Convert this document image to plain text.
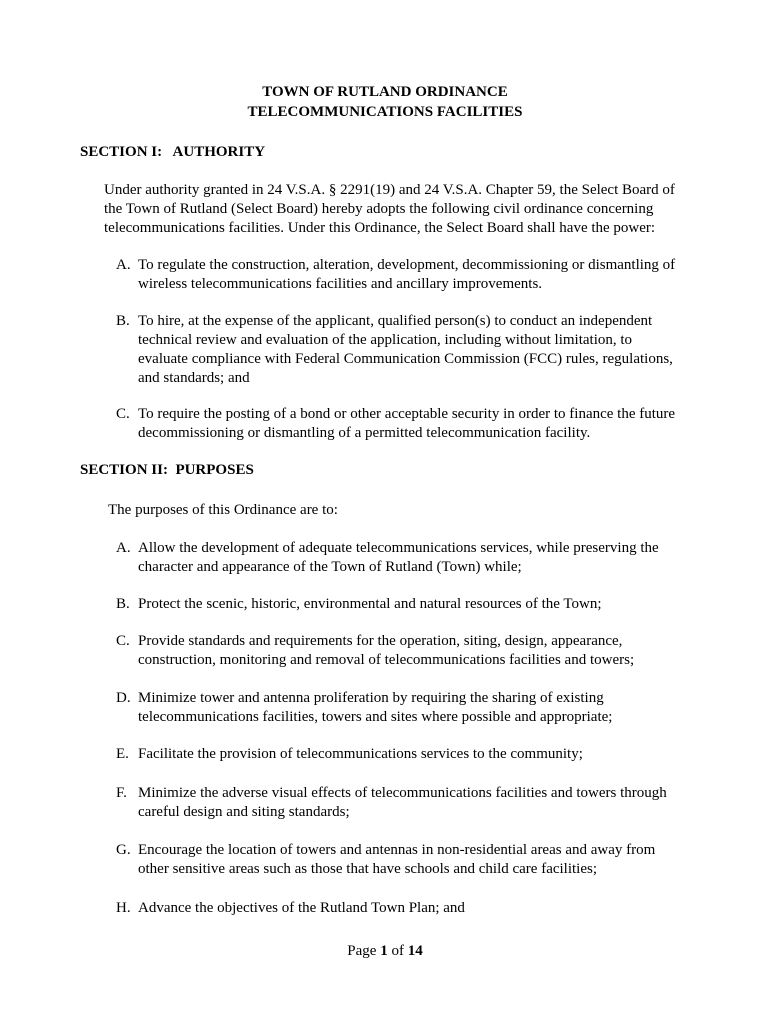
TOWN OF RUTLAND ORDINANCE
TELECOMMUNICATIONS FACILITIES
SECTION I:   AUTHORITY
Under authority granted in 24 V.S.A. § 2291(19) and 24 V.S.A. Chapter 59, the Select Board of
the Town of Rutland (Select Board) hereby adopts the following civil ordinance concerning
telecommunications facilities. Under this Ordinance, the Select Board shall have the power:
A. To regulate the construction, alteration, development, decommissioning or dismantling of
wireless telecommunications facilities and ancillary improvements.
B. To hire, at the expense of the applicant, qualified person(s) to conduct an independent
technical review and evaluation of the application, including without limitation, to
evaluate compliance with Federal Communication Commission (FCC) rules, regulations,
and standards; and
C. To require the posting of a bond or other acceptable security in order to finance the future
decommissioning or dismantling of a permitted telecommunication facility.
SECTION II:  PURPOSES
The purposes of this Ordinance are to:
A. Allow the development of adequate telecommunications services, while preserving the
character and appearance of the Town of Rutland (Town) while;
B. Protect the scenic, historic, environmental and natural resources of the Town;
C. Provide standards and requirements for the operation, siting, design, appearance,
construction, monitoring and removal of telecommunications facilities and towers;
D. Minimize tower and antenna proliferation by requiring the sharing of existing
telecommunications facilities, towers and sites where possible and appropriate;
E. Facilitate the provision of telecommunications services to the community;
F. Minimize the adverse visual effects of telecommunications facilities and towers through
careful design and siting standards;
G. Encourage the location of towers and antennas in non-residential areas and away from
other sensitive areas such as those that have schools and child care facilities;
H. Advance the objectives of the Rutland Town Plan; and
Page 1 of 14
